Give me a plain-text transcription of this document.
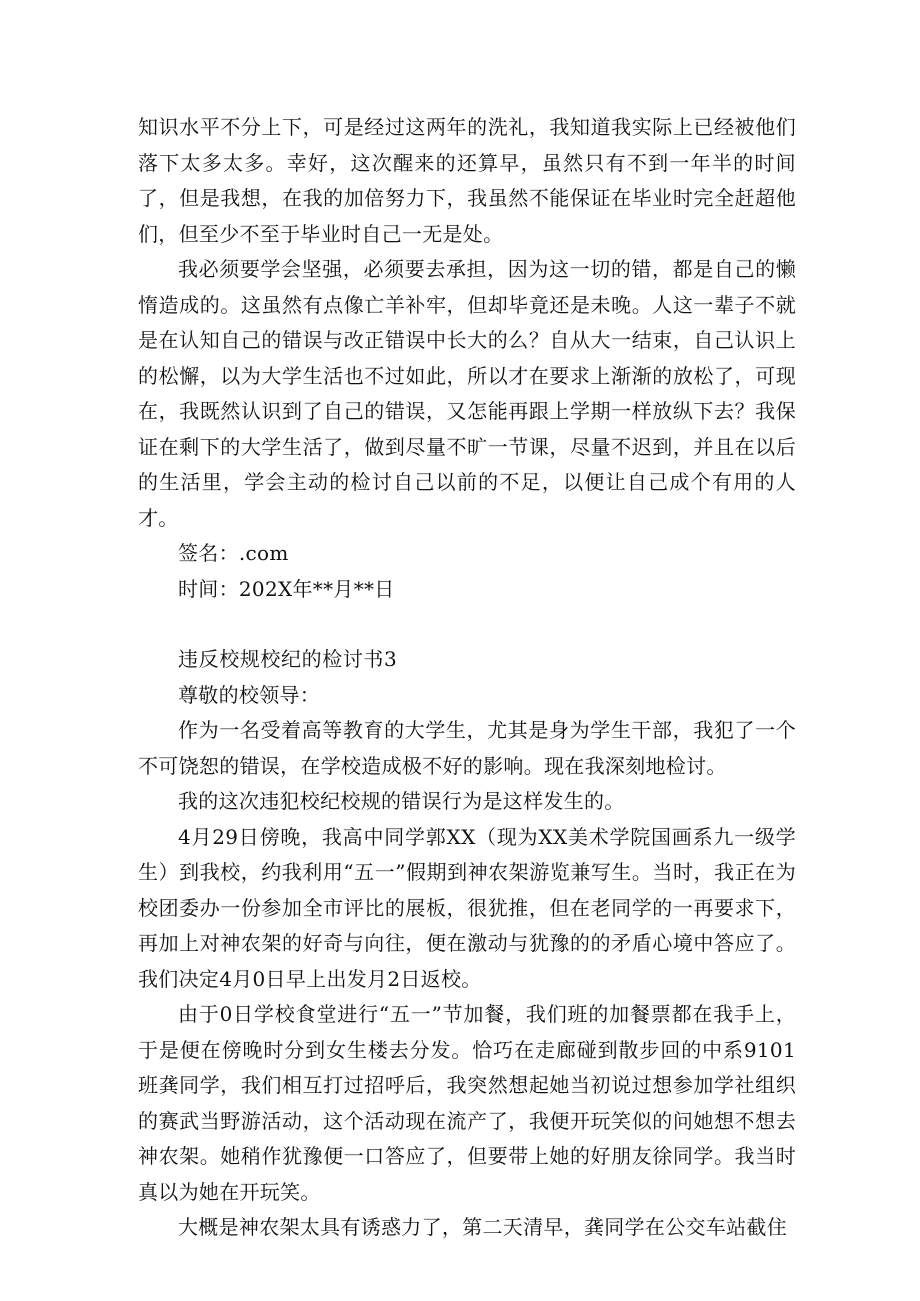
知识水平不分上下，可是经过这两年的洗礼，我知道我实际上已经被他们落下太多太多。幸好，这次醒来的还算早，虽然只有不到一年半的时间了，但是我想，在我的加倍努力下，我虽然不能保证在毕业时完全赶超他们，但至少不至于毕业时自己一无是处。

我必须要学会坚强，必须要去承担，因为这一切的错，都是自己的懒惰造成的。这虽然有点像亡羊补牢，但却毕竟还是未晚。人这一辈子不就是在认知自己的错误与改正错误中长大的么？自从大一结束，自己认识上的松懈，以为大学生活也不过如此，所以才在要求上渐渐的放松了，可现在，我既然认识到了自己的错误，又怎能再跟上学期一样放纵下去？我保证在剩下的大学生活了，做到尽量不旷一节课，尽量不迟到，并且在以后的生活里，学会主动的检讨自己以前的不足，以便让自己成个有用的人才。

签名：.com

时间：202X年**月**日

违反校规校纪的检讨书3

尊敬的校领导：

作为一名受着高等教育的大学生，尤其是身为学生干部，我犯了一个不可饶恕的错误，在学校造成极不好的影响。现在我深刻地检讨。

我的这次违犯校纪校规的错误行为是这样发生的。

4月29日傍晚，我高中同学郭XX（现为XX美术学院国画系九一级学生）到我校，约我利用“五一”假期到神农架游览兼写生。当时，我正在为校团委办一份参加全市评比的展板，很犹推，但在老同学的一再要求下，再加上对神农架的好奇与向往，便在激动与犹豫的的矛盾心境中答应了。我们决定4月0日早上出发月2日返校。

由于0日学校食堂进行“五一”节加餐，我们班的加餐票都在我手上，于是便在傍晚时分到女生楼去分发。恰巧在走廊碰到散步回的中系9101班龚同学，我们相互打过招呼后，我突然想起她当初说过想参加学社组织的赛武当野游活动，这个活动现在流产了，我便开玩笑似的问她想不想去神农架。她稍作犹豫便一口答应了，但要带上她的好朋友徐同学。我当时真以为她在开玩笑。

大概是神农架太具有诱惑力了，第二天清早，龚同学在公交车站截住
